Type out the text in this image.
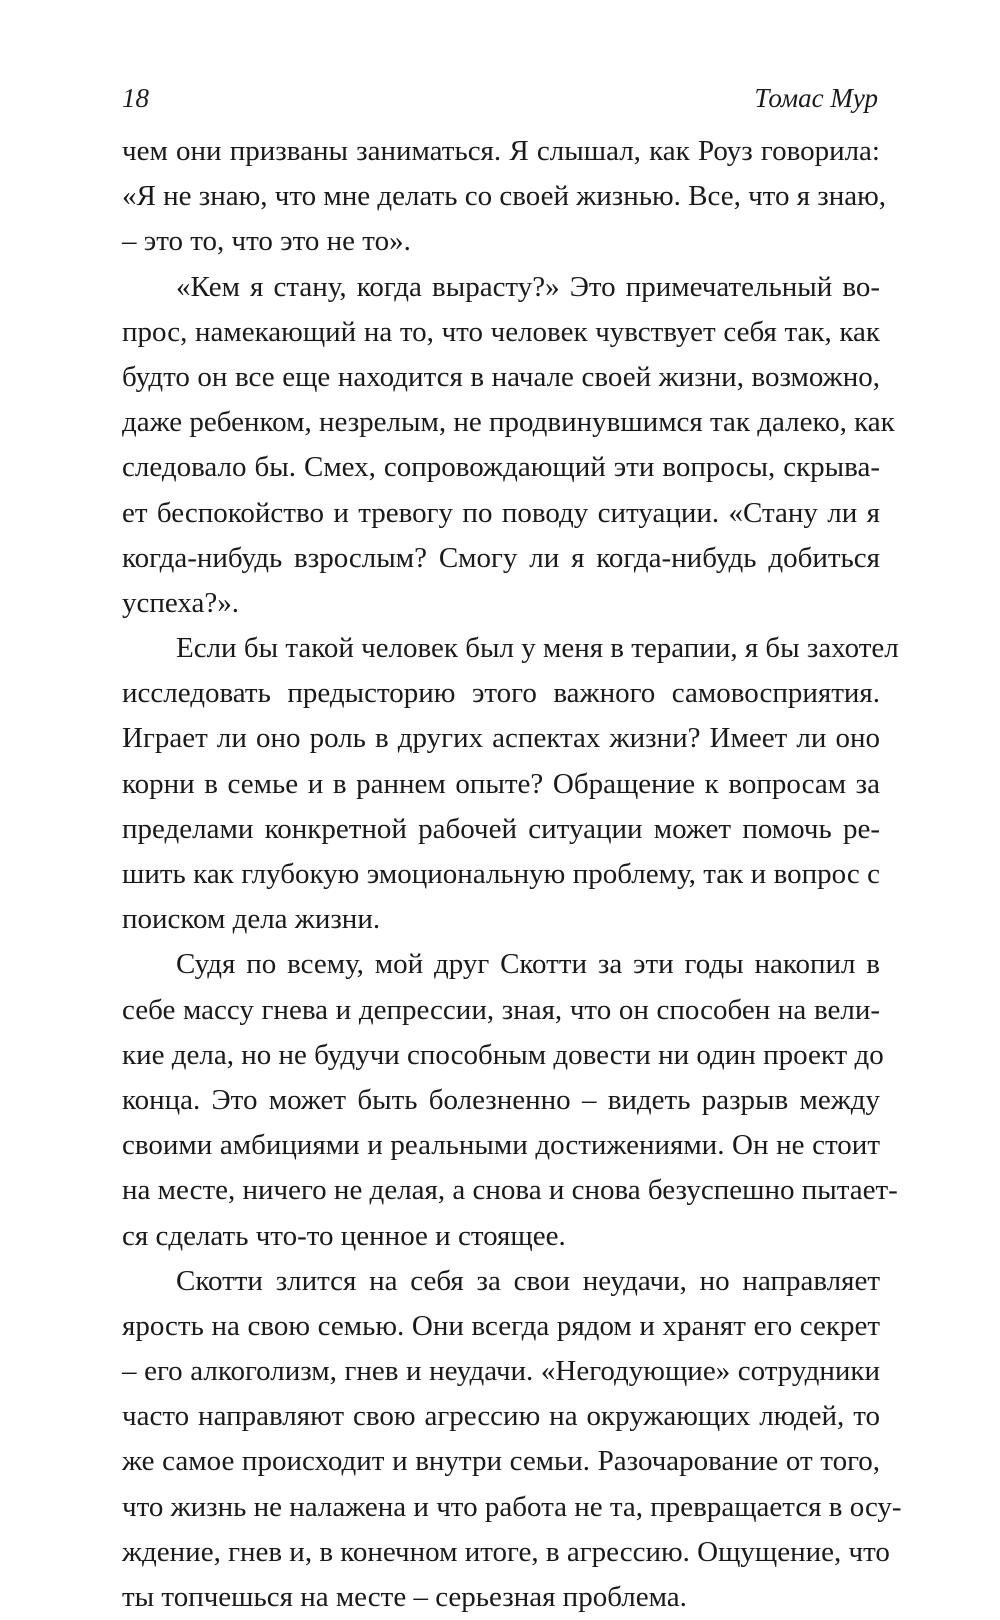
18	Томас Мур
чем они призваны заниматься. Я слышал, как Роуз говорила:
«Я не знаю, что мне делать со своей жизнью. Все, что я знаю,
– это то, что это не то».
«Кем я стану, когда вырасту?» Это примечательный во-
прос, намекающий на то, что человек чувствует себя так, как
будто он все еще находится в начале своей жизни, возможно,
даже ребенком, незрелым, не продвинувшимся так далеко, как
следовало бы. Смех, сопровождающий эти вопросы, скрыва-
ет беспокойство и тревогу по поводу ситуации. «Стану ли я
когда-нибудь взрослым? Смогу ли я когда-нибудь добиться
успеха?».
Если бы такой человек был у меня в терапии, я бы захотел
исследовать предысторию этого важного самовосприятия.
Играет ли оно роль в других аспектах жизни? Имеет ли оно
корни в семье и в раннем опыте? Обращение к вопросам за
пределами конкретной рабочей ситуации может помочь ре-
шить как глубокую эмоциональную проблему, так и вопрос с
поиском дела жизни.
Судя по всему, мой друг Скотти за эти годы накопил в
себе массу гнева и депрессии, зная, что он способен на вели-
кие дела, но не будучи способным довести ни один проект до
конца. Это может быть болезненно – видеть разрыв между
своими амбициями и реальными достижениями. Он не стоит
на месте, ничего не делая, а снова и снова безуспешно пытает-
ся сделать что-то ценное и стоящее.
Скотти злится на себя за свои неудачи, но направляет
ярость на свою семью. Они всегда рядом и хранят его секрет
– его алкоголизм, гнев и неудачи. «Негодующие» сотрудники
часто направляют свою агрессию на окружающих людей, то
же самое происходит и внутри семьи. Разочарование от того,
что жизнь не налажена и что работа не та, превращается в осу-
ждение, гнев и, в конечном итоге, в агрессию. Ощущение, что
ты топчешься на месте – серьезная проблема.
